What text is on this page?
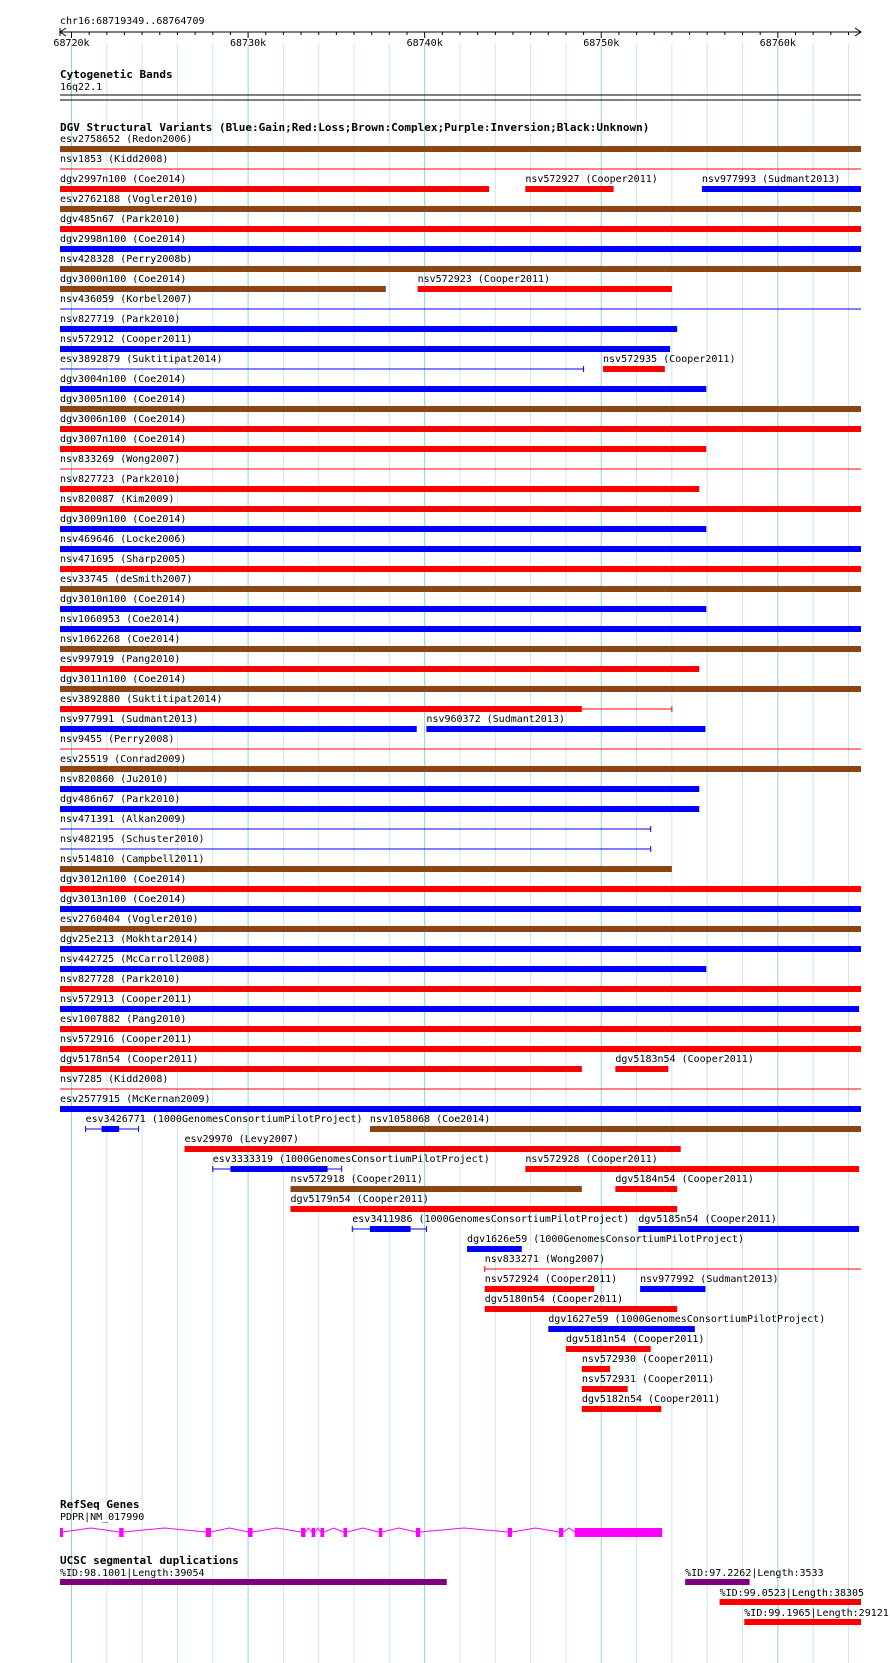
chr16:68719349..68764709
68720k	68730k	68740k	68750k	68760k
Cytogenetic Bands
16q22.1
DGV Structural Variants (Blue:Gain;Red:Loss;Brown:Complex;Purple:Inversion;Black:Unknown)
esv2758652 (Redon2006)
nsv1853 (Kidd2008)
dgv2997n100 (Coe2014)	nsv572927 (Cooper2011)	nsv977993 (Sudmant2013)
esv2762188 (Vogler2010)
dgv485n67 (Park2010)
dgv2998n100 (Coe2014)
nsv428328 (Perry2008b)
dgv3000n100 (Coe2014)	nsv572923 (Cooper2011)
nsv436059 (Korbel2007)
nsv827719 (Park2010)
nsv572912 (Cooper2011)
esv3892879 (Suktitipat2014)	nsv572935 (Cooper2011)
dgv3004n100 (Coe2014)
dgv3005n100 (Coe2014)
dgv3006n100 (Coe2014)
dgv3007n100 (Coe2014)
nsv833269 (Wong2007)
nsv827723 (Park2010)
nsv820087 (Kim2009)
dgv3009n100 (Coe2014)
nsv469646 (Locke2006)
nsv471695 (Sharp2005)
esv33745 (deSmith2007)
dgv3010n100 (Coe2014)
nsv1060953 (Coe2014)
nsv1062268 (Coe2014)
esv997919 (Pang2010)
dgv3011n100 (Coe2014)
esv3892880 (Suktitipat2014)
nsv977991 (Sudmant2013)	nsv960372 (Sudmant2013)
nsv9455 (Perry2008)
esv25519 (Conrad2009)
nsv820860 (Ju2010)
dgv486n67 (Park2010)
nsv471391 (Alkan2009)
nsv482195 (Schuster2010)
nsv514810 (Campbell2011)
dgv3012n100 (Coe2014)
dgv3013n100 (Coe2014)
esv2760404 (Vogler2010)
dgv25e213 (Mokhtar2014)
nsv442725 (McCarroll2008)
nsv827728 (Park2010)
nsv572913 (Cooper2011)
esv1007882 (Pang2010)
nsv572916 (Cooper2011)
dgv5178n54 (Cooper2011)	dgv5183n54 (Cooper2011)
nsv7285 (Kidd2008)
esv2577915 (McKernan2009)
esv3426771 (1000GenomesConsortiumPilotProject) nsv1058068 (Coe2014)
esv29970 (Levy2007)
esv3333319 (1000GenomesConsortiumPilotProject)	nsv572928 (Cooper2011)
nsv572918 (Cooper2011)	dgv5184n54 (Cooper2011)
dgv5179n54 (Cooper2011)
esv3411986 (1000GenomesConsortiumPilotProject) dgv5185n54 (Cooper2011)
dgv1626e59 (1000GenomesConsortiumPilotProject)
nsv833271 (Wong2007)
nsv572924 (Cooper2011) nsv977992 (Sudmant2013)
dgv5180n54 (Cooper2011)
dgv1627e59 (1000GenomesConsortiumPilotProject)
dgv5181n54 (Cooper2011)
nsv572930 (Cooper2011)
nsv572931 (Cooper2011)
dgv5182n54 (Cooper2011)
RefSeq Genes
PDPR|NM_017990
UCSC segmental duplications
%ID:98.1001|Length:39054	%ID:97.2262|Length:3533
%ID:99.0523|Length:38305
%ID:99.1965|Length:29121
